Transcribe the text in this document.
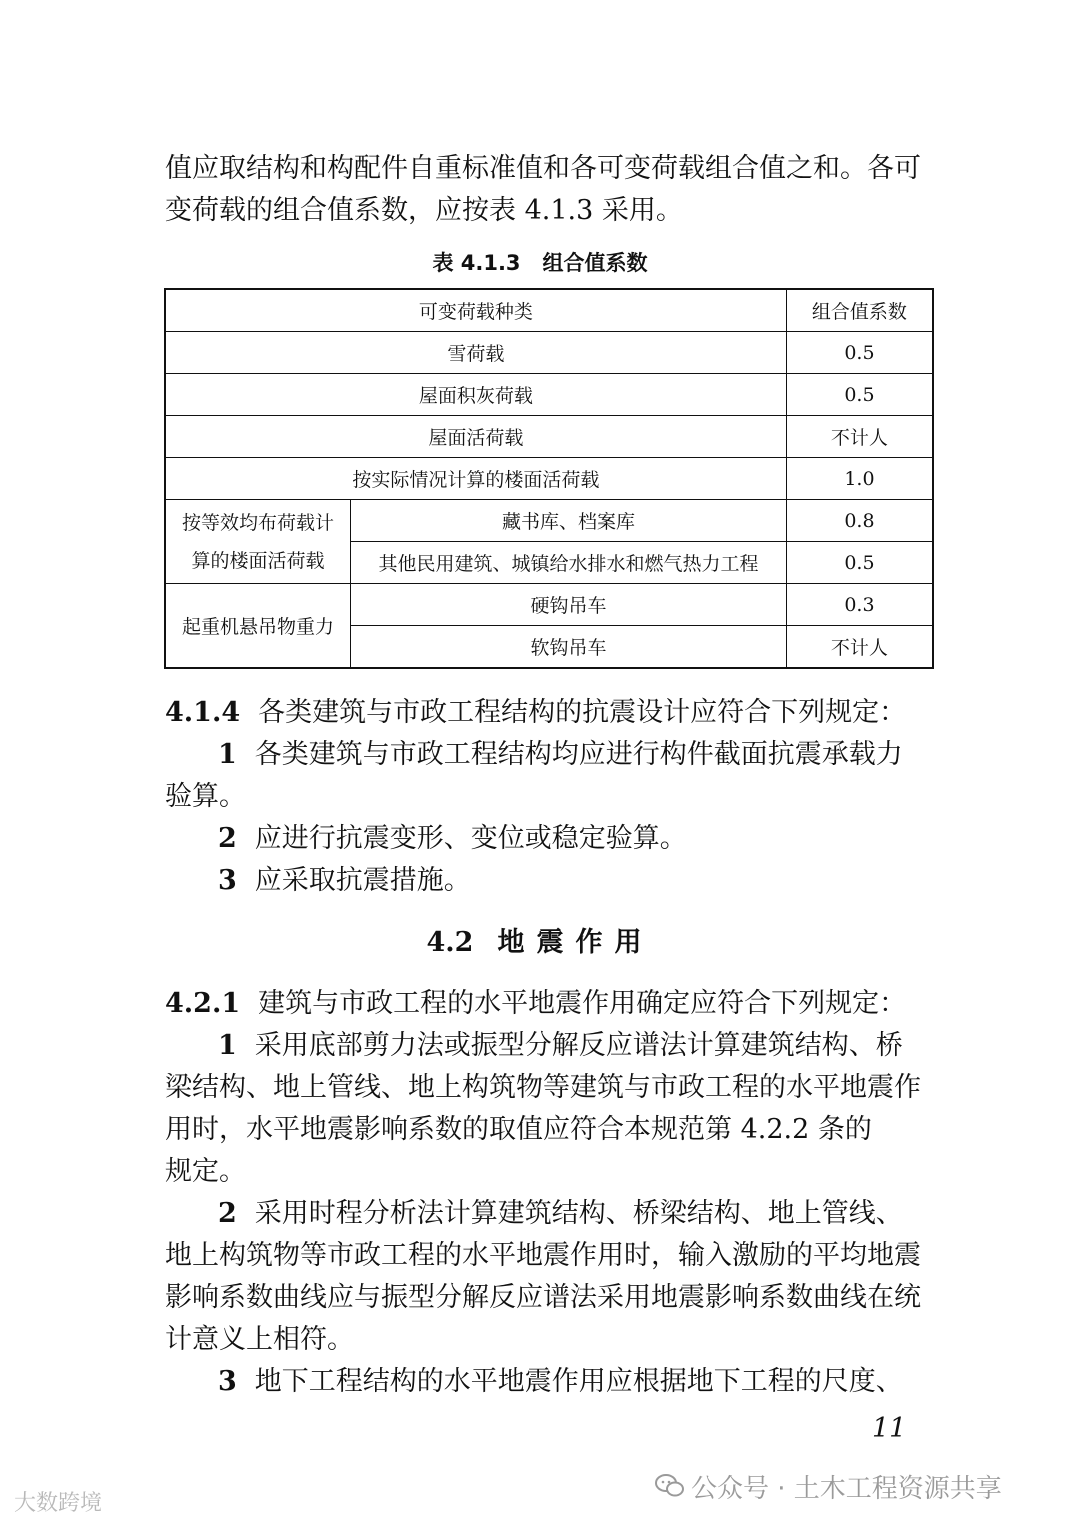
值应取结构和构配件自重标准值和各可变荷载组合值之和。各可
变荷载的组合值系数，应按表 4.1.3 采用。
表 4.1.3 组合值系数
可变荷载种类		组合值系数
雪荷载		0.5
屋面积灰荷载		0.5
屋面活荷载		不计人
按实际情况计算的楼面活荷载		1.0
按等效均布荷载计算的楼面活荷载	藏书库、档案库	0.8
	其他民用建筑、城镇给水排水和燃气热力工程	0.5
起重机悬吊物重力	硬钩吊车	0.3
	软钩吊车	不计人
4.1.4 各类建筑与市政工程结构的抗震设计应符合下列规定：
1 各类建筑与市政工程结构均应进行构件截面抗震承载力
验算。
2 应进行抗震变形、变位或稳定验算。
3 应采取抗震措施。
4.2 地震作用
4.2.1 建筑与市政工程的水平地震作用确定应符合下列规定：
1 采用底部剪力法或振型分解反应谱法计算建筑结构、桥
梁结构、地上管线、地上构筑物等建筑与市政工程的水平地震作
用时，水平地震影响系数的取值应符合本规范第 4.2.2 条的
规定。
2 采用时程分析法计算建筑结构、桥梁结构、地上管线、
地上构筑物等市政工程的水平地震作用时，输入激励的平均地震
影响系数曲线应与振型分解反应谱法采用地震影响系数曲线在统
计意义上相符。
3 地下工程结构的水平地震作用应根据地下工程的尺度、
11
大数跨境	公众号 · 土木工程资源共享
